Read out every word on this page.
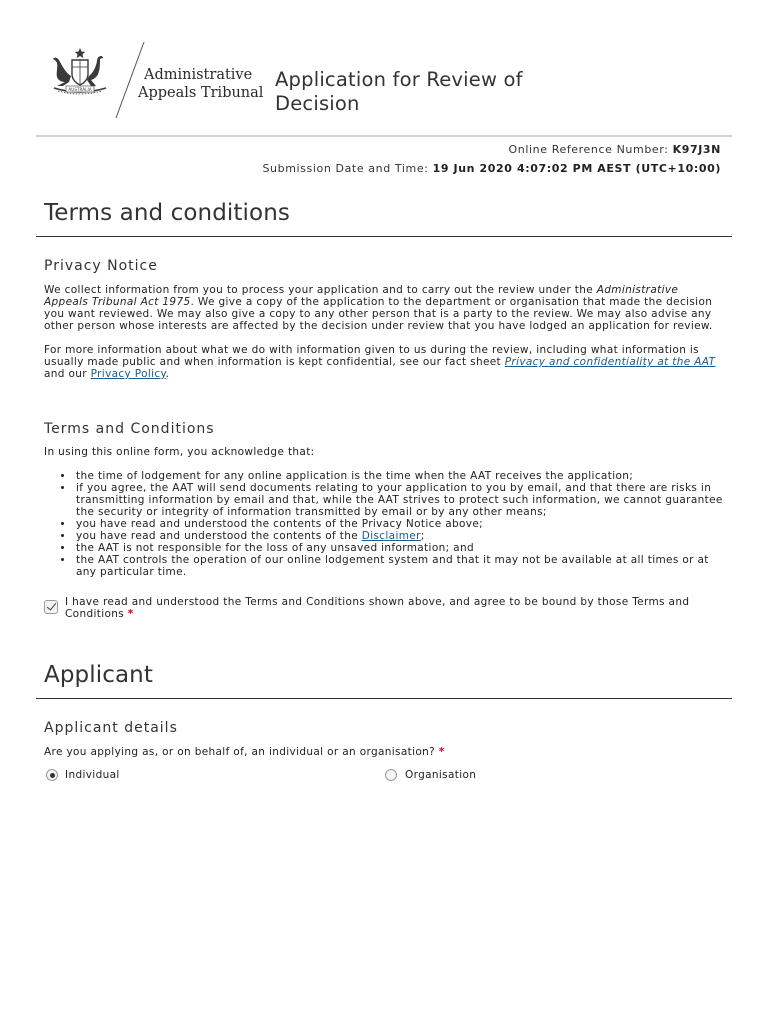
AUSTRALIA
Administrative
Appeals Tribunal
Application for Review of Decision
Online Reference Number: K97J3N
Submission Date and Time: 19 Jun 2020 4:07:02 PM AEST (UTC+10:00)
Terms and conditions
Privacy Notice
We collect information from you to process your application and to carry out the review under the Administrative Appeals Tribunal Act 1975. We give a copy of the application to the department or organisation that made the decision you want reviewed. We may also give a copy to any other person that is a party to the review. We may also advise any other person whose interests are affected by the decision under review that you have lodged an application for review.
For more information about what we do with information given to us during the review, including what information is usually made public and when information is kept confidential, see our fact sheet Privacy and confidentiality at the AAT and our Privacy Policy.
Terms and Conditions
In using this online form, you acknowledge that:
• the time of lodgement for any online application is the time when the AAT receives the application;
• if you agree, the AAT will send documents relating to your application to you by email, and that there are risks in transmitting information by email and that, while the AAT strives to protect such information, we cannot guarantee the security or integrity of information transmitted by email or by any other means;
• you have read and understood the contents of the Privacy Notice above;
• you have read and understood the contents of the Disclaimer;
• the AAT is not responsible for the loss of any unsaved information; and
• the AAT controls the operation of our online lodgement system and that it may not be available at all times or at any particular time.
I have read and understood the Terms and Conditions shown above, and agree to be bound by those Terms and Conditions *
Applicant
Applicant details
Are you applying as, or on behalf of, an individual or an organisation? *
Individual	Organisation
